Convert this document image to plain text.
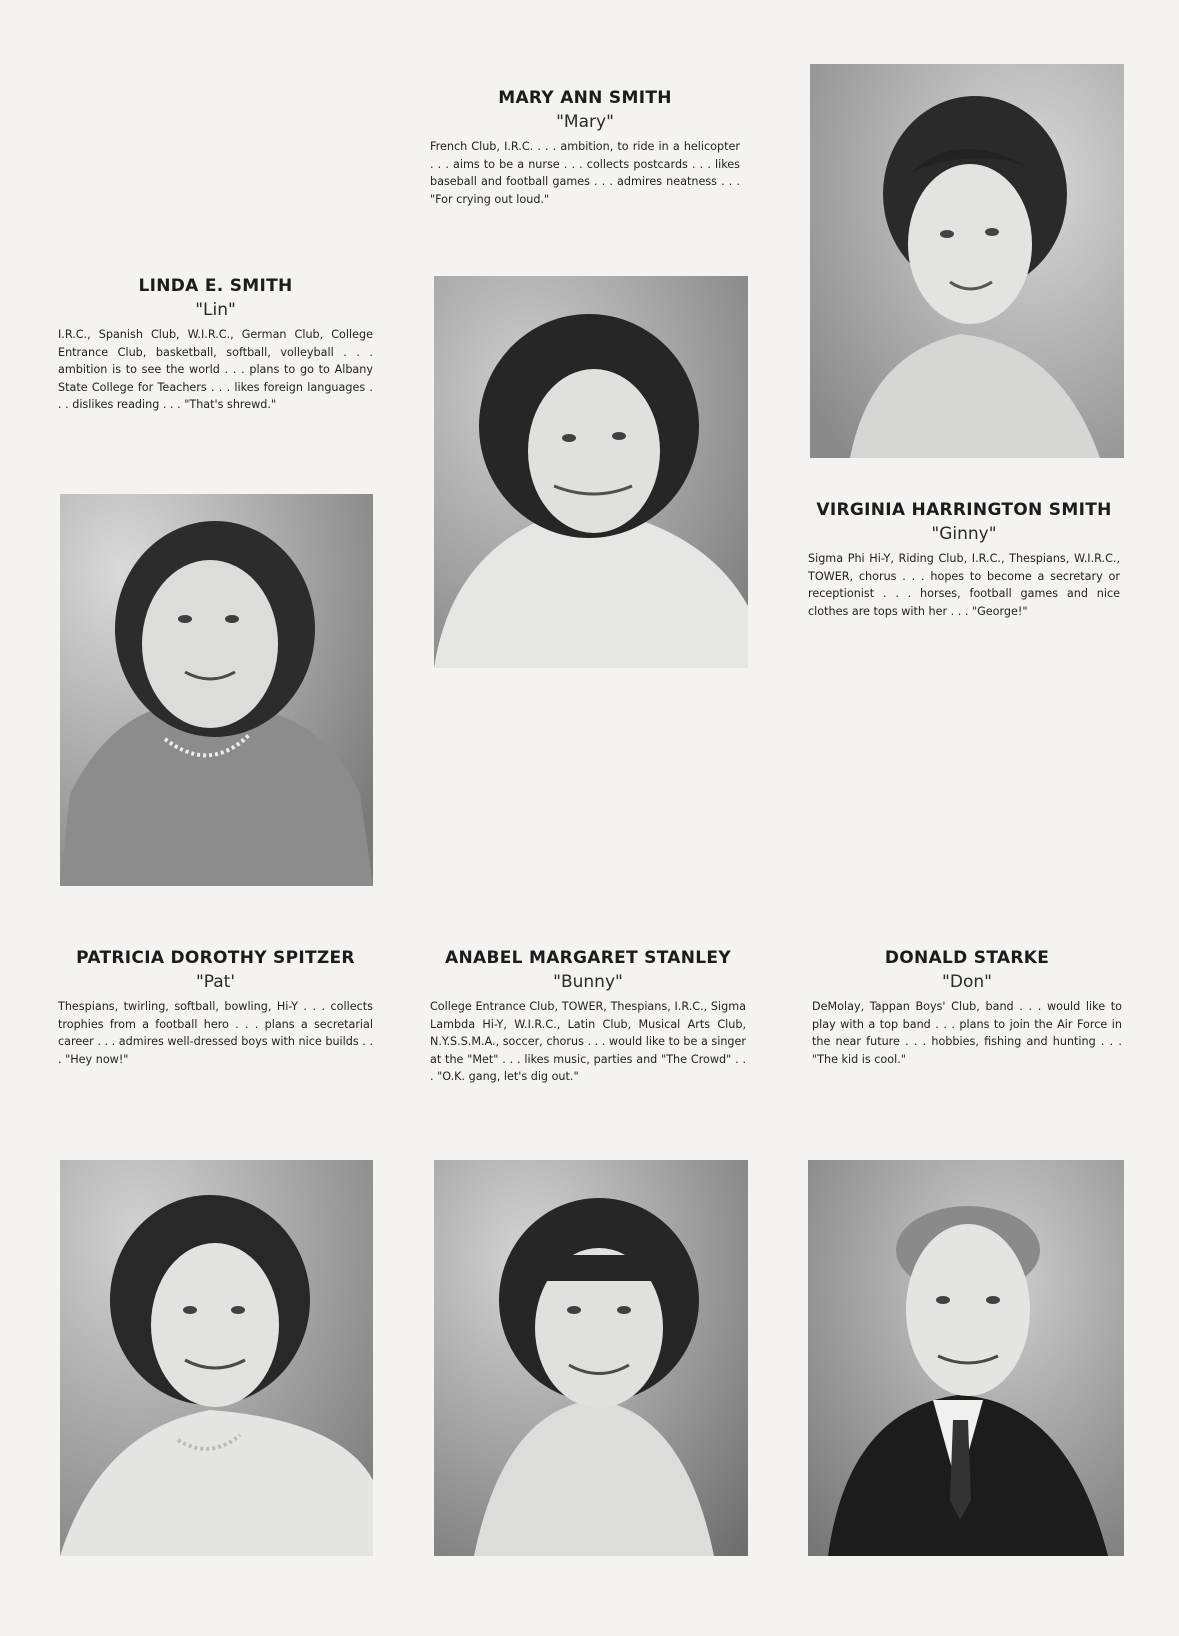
MARY ANN SMITH

"Mary"

French Club, I.R.C. . . . ambition, to ride in a helicopter . . . aims to be a nurse . . . collects postcards . . . likes baseball and football games . . . admires neatness . . . "For crying out loud."

LINDA E. SMITH

"Lin"

I.R.C., Spanish Club, W.I.R.C., German Club, College Entrance Club, basketball, softball, volleyball . . . ambition is to see the world . . . plans to go to Albany State College for Teachers . . . likes foreign languages . . . dislikes reading . . . "That's shrewd."

VIRGINIA HARRINGTON SMITH

"Ginny"

Sigma Phi Hi-Y, Riding Club, I.R.C., Thespians, W.I.R.C., TOWER, chorus . . . hopes to become a secretary or receptionist . . . horses, football games and nice clothes are tops with her . . . "George!"

PATRICIA DOROTHY SPITZER

"Pat'

Thespians, twirling, softball, bowling, Hi-Y . . . collects trophies from a football hero . . . plans a secretarial career . . . admires well-dressed boys with nice builds . . . "Hey now!"

ANABEL MARGARET STANLEY

"Bunny"

College Entrance Club, TOWER, Thespians, I.R.C., Sigma Lambda Hi-Y, W.I.R.C., Latin Club, Musical Arts Club, N.Y.S.S.M.A., soccer, chorus . . . would like to be a singer at the "Met" . . . likes music, parties and "The Crowd" . . . "O.K. gang, let's dig out."

DONALD STARKE

"Don"

DeMolay, Tappan Boys' Club, band . . . would like to play with a top band . . . plans to join the Air Force in the near future . . . hobbies, fishing and hunting . . . "The kid is cool."
